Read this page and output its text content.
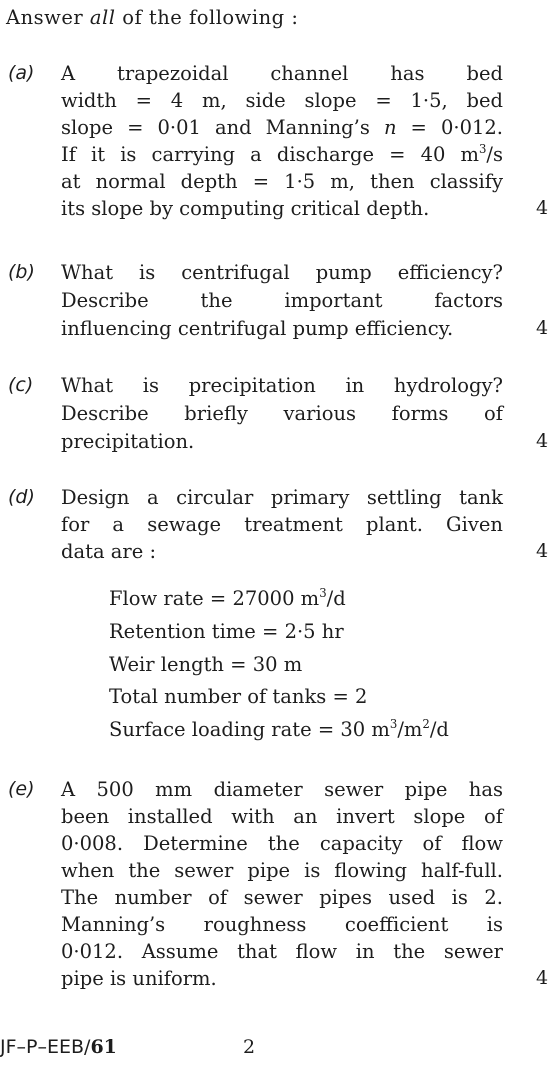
Answer all of the following :
(a) A trapezoidal channel has bed
width = 4 m, side slope = 1·5, bed
slope = 0·01 and Manning’s n = 0·012.
If it is carrying a discharge = 40 $m^3/s$
at normal depth = 1·5 m, then classify
its slope by computing critical depth.	4
(b) What is centrifugal pump efficiency?
Describe the important factors
influencing centrifugal pump efficiency.	4
(c) What is precipitation in hydrology?
Describe briefly various forms of
precipitation.	4
(d) Design a circular primary settling tank
for a sewage treatment plant. Given
data are :	4
Flow rate = 27000 $m^3/d$
Retention time = 2·5 hr
Weir length = 30 m
Total number of tanks = 2
Surface loading rate = 30 $m^3/m^2/d$
(e) A 500 mm diameter sewer pipe has
been installed with an invert slope of
0·008. Determine the capacity of flow
when the sewer pipe is flowing half-full.
The number of sewer pipes used is 2.
Manning’s roughness coefficient is
0·012. Assume that flow in the sewer
pipe is uniform.	4
JF–P–EEB/61	2
